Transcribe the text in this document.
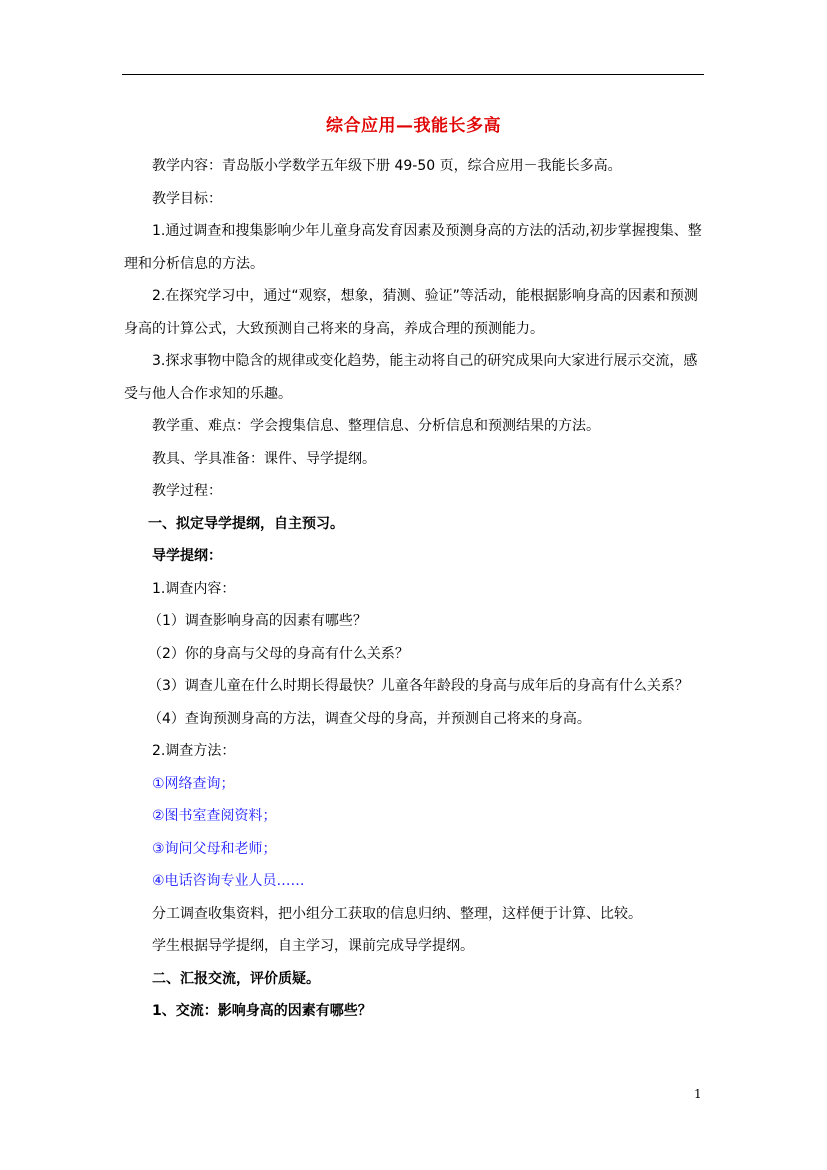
综合应用—我能长多高

教学内容：青岛版小学数学五年级下册 49-50 页，综合应用－我能长多高。

教学目标：

1.通过调查和搜集影响少年儿童身高发育因素及预测身高的方法的活动,初步掌握搜集、整理和分析信息的方法。

2.在探究学习中，通过“观察，想象，猜测、验证”等活动，能根据影响身高的因素和预测身高的计算公式，大致预测自己将来的身高，养成合理的预测能力。

3.探求事物中隐含的规律或变化趋势，能主动将自己的研究成果向大家进行展示交流，感受与他人合作求知的乐趣。

教学重、难点：学会搜集信息、整理信息、分析信息和预测结果的方法。

教具、学具准备：课件、导学提纲。

教学过程：

一、拟定导学提纲，自主预习。

导学提纲：

1.调查内容：

（1）调查影响身高的因素有哪些？

（2）你的身高与父母的身高有什么关系？

（3）调查儿童在什么时期长得最快？儿童各年龄段的身高与成年后的身高有什么关系？

（4）查询预测身高的方法，调查父母的身高，并预测自己将来的身高。

2.调查方法：

①网络查询；

②图书室查阅资料；

③询问父母和老师；

④电话咨询专业人员……

分工调查收集资料，把小组分工获取的信息归纳、整理，这样便于计算、比较。

学生根据导学提纲，自主学习，课前完成导学提纲。

二、汇报交流，评价质疑。

1、交流：影响身高的因素有哪些？

1
